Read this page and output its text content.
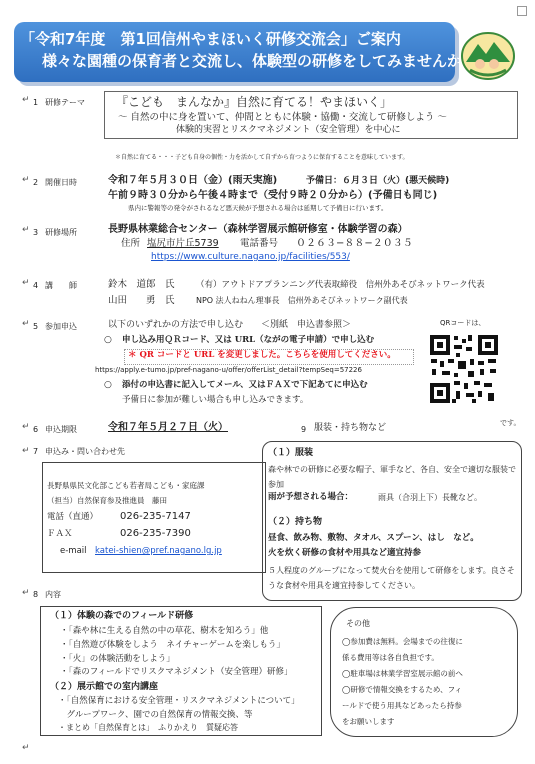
「令和7年度　第1回信州やまほいく研修交流会」ご案内
様々な園種の保育者と交流し、体験型の研修をしてみませんか
↵ 1 研修テーマ	『こども　まんなか』自然に育てる！やまほいく」
～ 自然の中に身を置いて、仲間とともに体験・協働・交流して研修しよう ～
体験的実習とリスクマネジメント（安全管理）を中心に
＊自然に育てる・・・子ども自身の個性・力を活かして自ずから育つように保育することを意味しています。
↵ 2 開催日時	令和７年５月３０日（金）(雨天実施)	予備日：６月３日（火）(悪天候時)
午前９時３０分から午後４時まで（受付９時２０分から）(予備日も同じ)
県内に警報等の発令がされるなど悪天候が予想される場合は延期して予備日に行います。
↵ 3 研修場所	長野県林業総合センター（森林学習展示館研修室・体験学習の森）
住所 塩尻市片丘5739 電話番号 ０２６３−８８−２０３５
https://www.culture.nagano.jp/facilities/553/
↵ 4 講　　師	鈴木　道郎　氏	（有）アウトドアプランニング代表取締役　信州外あそびネットワーク代表
山田　　勇　氏	NPO 法人ねねん理事長　信州外あそびネットワーク副代表
↵ 5 参加申込	以下のいずれかの方法で申し込む　　＜別紙　申込書参照＞
○ 申し込み用ＱＲコード、又は URL（ながの電子申請）で申し込む
＊ QR コードと URL を変更しました。こちらを使用してください。
https://apply.e-tumo.jp/pref-nagano-u/offer/offerList_detail?tempSeq=57226
○ 添付の申込書に記入してメール、又はＦＡＸで下記あてに申込む
予備日に参加が難しい場合も申し込みできます。
QRコードは、
です。
↵ 6 申込期限	令和７年５月２７日（火）	9 服装・持ち物など
↵ 7 申込み・問い合わせ先
長野県県民文化部こども若者局こども・家庭課
（担当）自然保育参及推進員　藤田
電話（直通） 026-235-7147
ＦＡＸ	026-235-7390
e-mail katei-shien@pref.nagano.lg.jp
（１）服装
森や林での研修に必要な帽子、軍手など、各自、安全で適切な服装で参加
雨が予想される場合：	雨具（合羽上下）長靴など。
（２）持ち物
昼食、飲み物、敷物、タオル、スプーン、はし　など。
火を炊く研修の食材や用具など適宜持参
５人程度のグループになって焚火台を使用して研修をします。良さそうな食材や用具を適宜持参してください。
↵ 8 内容
（１）体験の森でのフィールド研修
・「森や林に生える自然の中の草花、樹木を知ろう」他
・「自然遊び体験をしよう　ネイチャーゲームを楽しもう」
・「火」の体験活動をしよう」
・「森のフィールドでリスクマネジメント（安全管理）研修」
（２）展示館での室内講座
・「自然保育における安全管理・リスクマネジメントについて」
　グループワーク、園での自然保育の情報交換、等
・まとめ「自然保育とは」　ふりかえり　質疑応答
その他
◯参加費は無料。会場までの往復に
係る費用等は各自負担です。
◯駐車場は林業学習室展示館の前へ
◯研修で情報交換をするため、フィ
ールドで使う用具などあったら持参
をお願いします
↵
